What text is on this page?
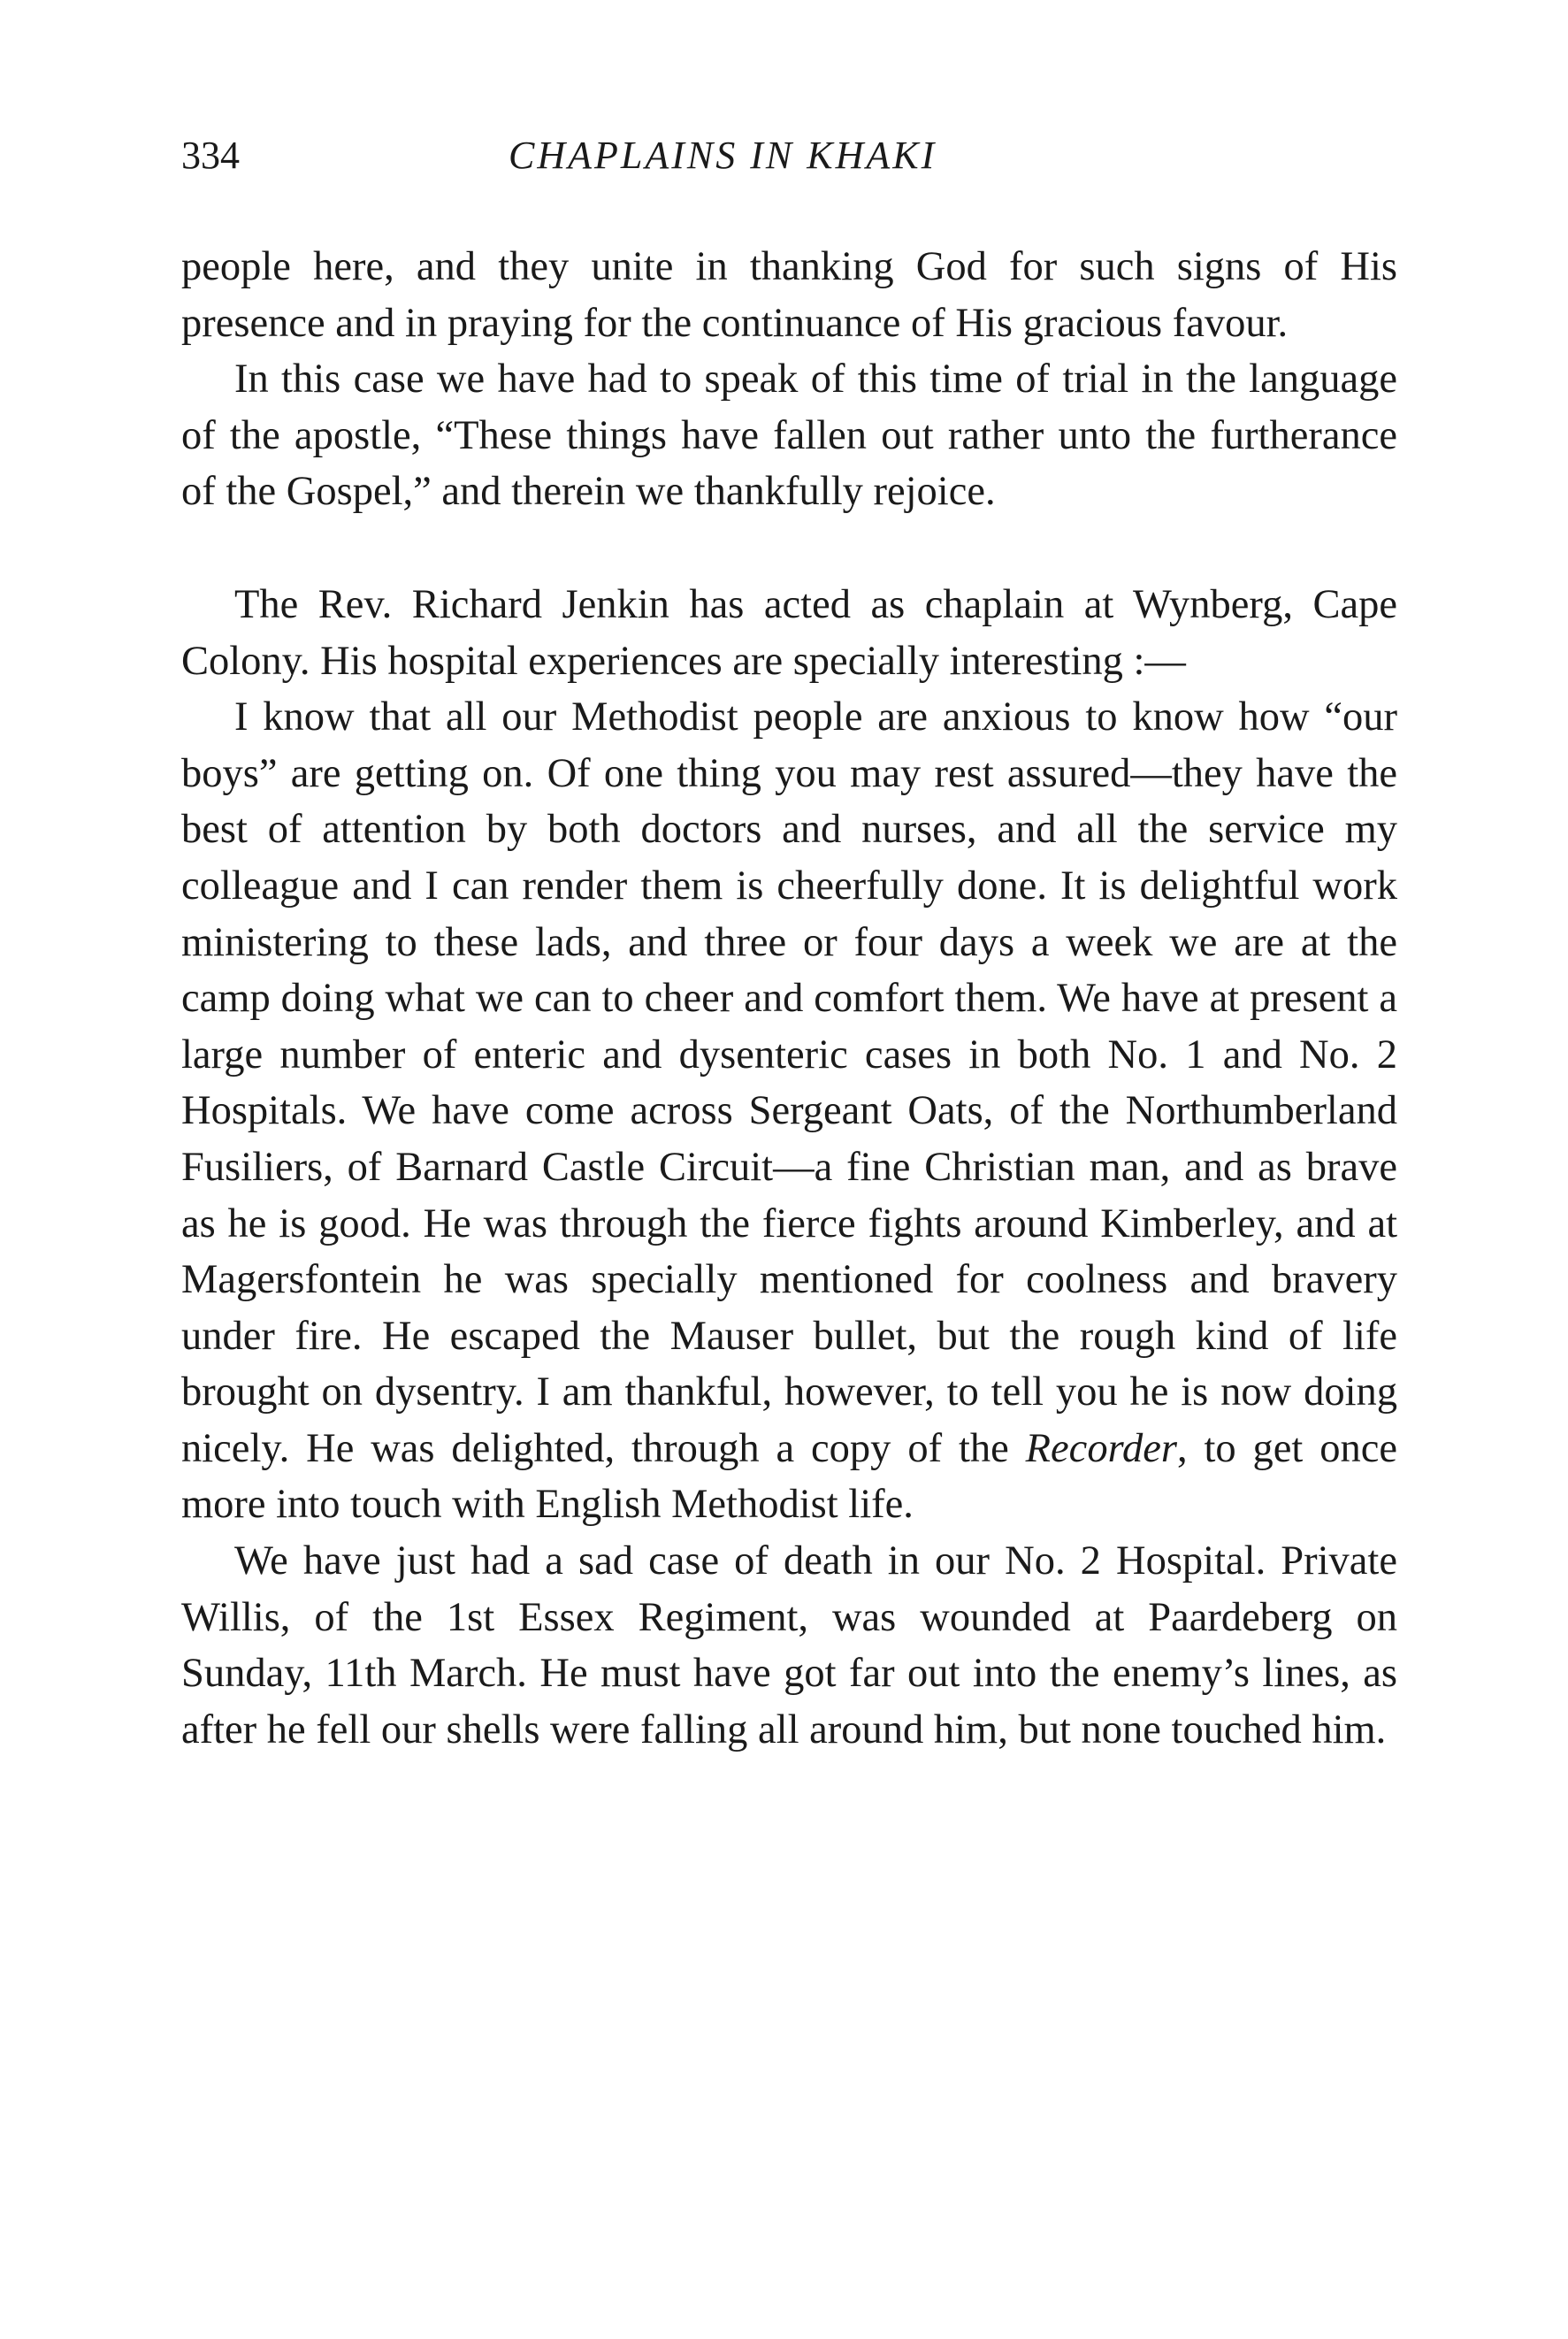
334	CHAPLAINS IN KHAKI

people here, and they unite in thanking God for such signs of His presence and in praying for the continuance of His gracious favour.

In this case we have had to speak of this time of trial in the language of the apostle, “These things have fallen out rather unto the furtherance of the Gospel,” and therein we thankfully rejoice.

The Rev. Richard Jenkin has acted as chaplain at Wynberg, Cape Colony. His hospital experiences are specially interesting :—

I know that all our Methodist people are anxious to know how “our boys” are getting on. Of one thing you may rest assured—they have the best of attention by both doctors and nurses, and all the service my colleague and I can render them is cheerfully done. It is delightful work ministering to these lads, and three or four days a week we are at the camp doing what we can to cheer and comfort them. We have at present a large number of enteric and dysenteric cases in both No. 1 and No. 2 Hospitals. We have come across Sergeant Oats, of the Northumberland Fusiliers, of Barnard Castle Circuit—a fine Christian man, and as brave as he is good. He was through the fierce fights around Kimberley, and at Magersfontein he was specially mentioned for coolness and bravery under fire. He escaped the Mauser bullet, but the rough kind of life brought on dysentry. I am thankful, however, to tell you he is now doing nicely. He was delighted, through a copy of the Recorder, to get once more into touch with English Methodist life.

We have just had a sad case of death in our No. 2 Hospital. Private Willis, of the 1st Essex Regiment, was wounded at Paardeberg on Sunday, 11th March. He must have got far out into the enemy’s lines, as after he fell our shells were falling all around him, but none touched him.
